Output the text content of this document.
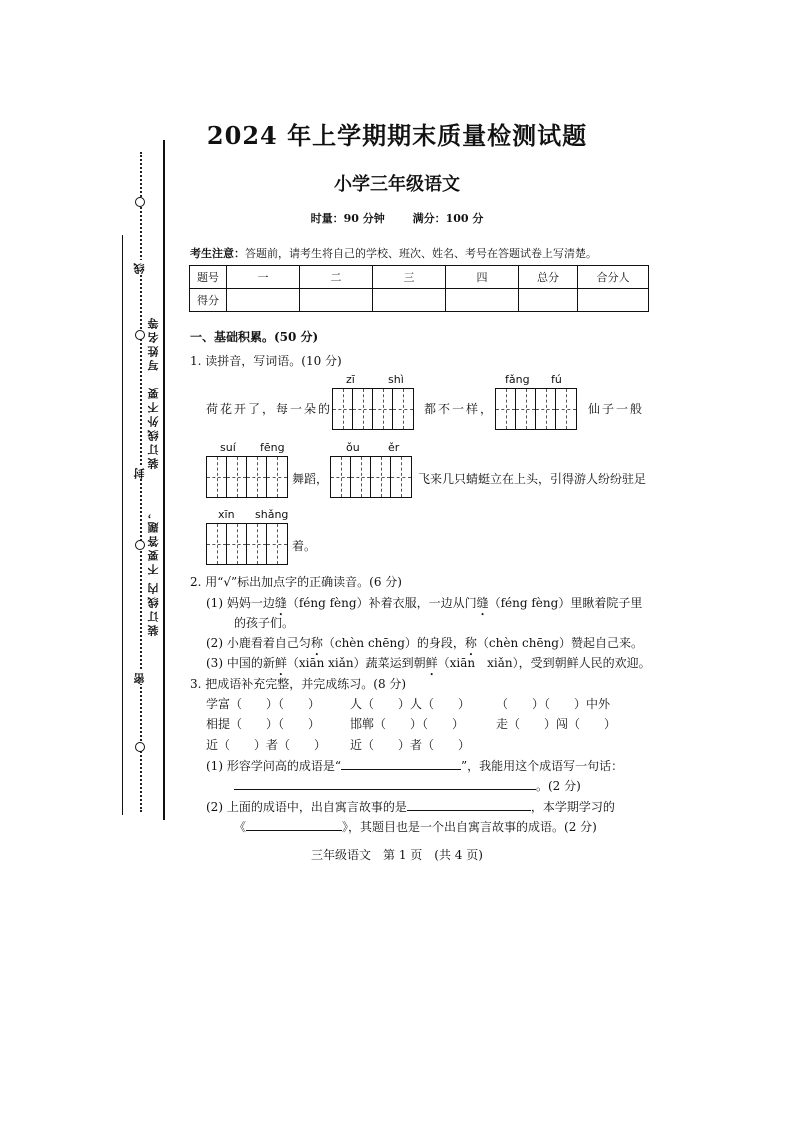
线
封
密
写姓名等
装订线外不要
不要答题，
装订线内
2024 年上学期期末质量检测试题
小学三年级语文
时量：90 分钟	满分：100 分
考生注意：答题前，请考生将自己的学校、班次、姓名、考号在答题试卷上写清楚。
题号	一	二	三	四	总分	合分人
得分						
一、基础积累。(50 分)
1. 读拼音，写词语。(10 分)
zī	shì	fǎng fú
荷花开了，每一朵的	都不一样，	仙子一般
suí fēng
舞蹈，
ǒu	ěr
飞来几只蜻蜓立在上头，引得游人纷纷驻足
xīn shǎng
着。
2. 用“√”标出加点字的正确读音。(6 分)
(1) 妈妈一边缝（féng fèng）补着衣服，一边从门缝（féng fèng）里瞅着院子里
的孩子们。
(2) 小鹿看着自己匀称（chèn chēng）的身段，称（chèn chēng）赞起自己来。
(3) 中国的新鲜（xiān xiǎn）蔬菜运到朝鲜（xiān　xiǎn），受到朝鲜人民的欢迎。
3. 把成语补充完整，并完成练习。(8 分)
学富（　　）（　　） 人（　　）人（　　） （　　）（　　）中外
相提（　　）（　　） 邯郸（　　）（　　）	走（　　）闯（　　）
近（　　）者（　　） 近（　　）者（　　）
(1) 形容学问高的成语是“	”，我能用这个成语写一句话：
。(2 分)
(2) 上面的成语中，出自寓言故事的是	，本学期学习的
《	》，其题目也是一个出自寓言故事的成语。(2 分)
三年级语文　第 1 页　(共 4 页)
